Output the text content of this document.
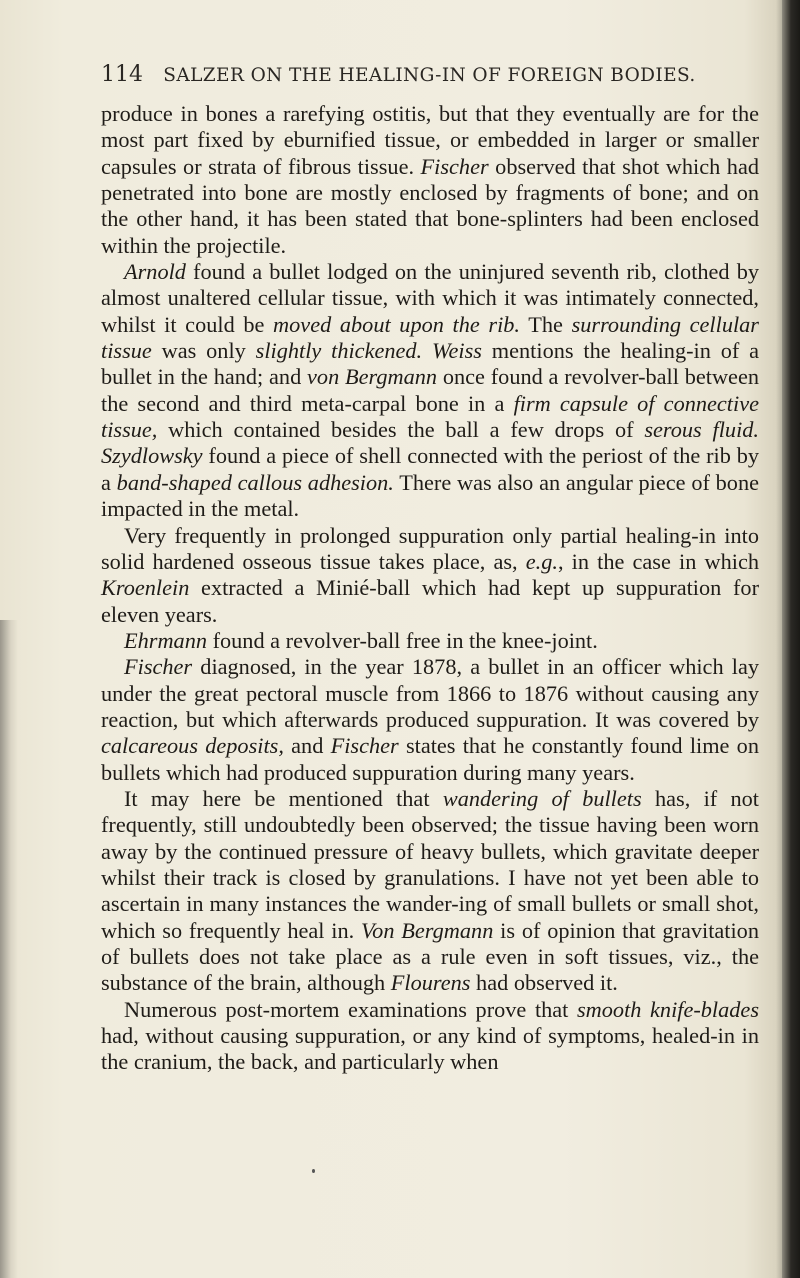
114 SALZER ON THE HEALING-IN OF FOREIGN BODIES.

produce in bones a rarefying ostitis, but that they eventually are for the most part fixed by eburnified tissue, or embedded in larger or smaller capsules or strata of fibrous tissue. Fischer observed that shot which had penetrated into bone are mostly enclosed by fragments of bone; and on the other hand, it has been stated that bone-splinters had been enclosed within the projectile.

Arnold found a bullet lodged on the uninjured seventh rib, clothed by almost unaltered cellular tissue, with which it was intimately connected, whilst it could be moved about upon the rib. The surrounding cellular tissue was only slightly thickened. Weiss mentions the healing-in of a bullet in the hand; and von Bergmann once found a revolver-ball between the second and third meta-carpal bone in a firm capsule of connective tissue, which contained besides the ball a few drops of serous fluid. Szydlowsky found a piece of shell connected with the periost of the rib by a band-shaped callous adhesion. There was also an angular piece of bone impacted in the metal.

Very frequently in prolonged suppuration only partial healing-in into solid hardened osseous tissue takes place, as, e.g., in the case in which Kroenlein extracted a Minié-ball which had kept up suppuration for eleven years.

Ehrmann found a revolver-ball free in the knee-joint.

Fischer diagnosed, in the year 1878, a bullet in an officer which lay under the great pectoral muscle from 1866 to 1876 without causing any reaction, but which afterwards produced suppuration. It was covered by calcareous deposits, and Fischer states that he constantly found lime on bullets which had produced suppuration during many years.

It may here be mentioned that wandering of bullets has, if not frequently, still undoubtedly been observed; the tissue having been worn away by the continued pressure of heavy bullets, which gravitate deeper whilst their track is closed by granulations. I have not yet been able to ascertain in many instances the wander-ing of small bullets or small shot, which so frequently heal in. Von Bergmann is of opinion that gravitation of bullets does not take place as a rule even in soft tissues, viz., the substance of the brain, although Flourens had observed it.

Numerous post-mortem examinations prove that smooth knife-blades had, without causing suppuration, or any kind of symptoms, healed-in in the cranium, the back, and particularly when
